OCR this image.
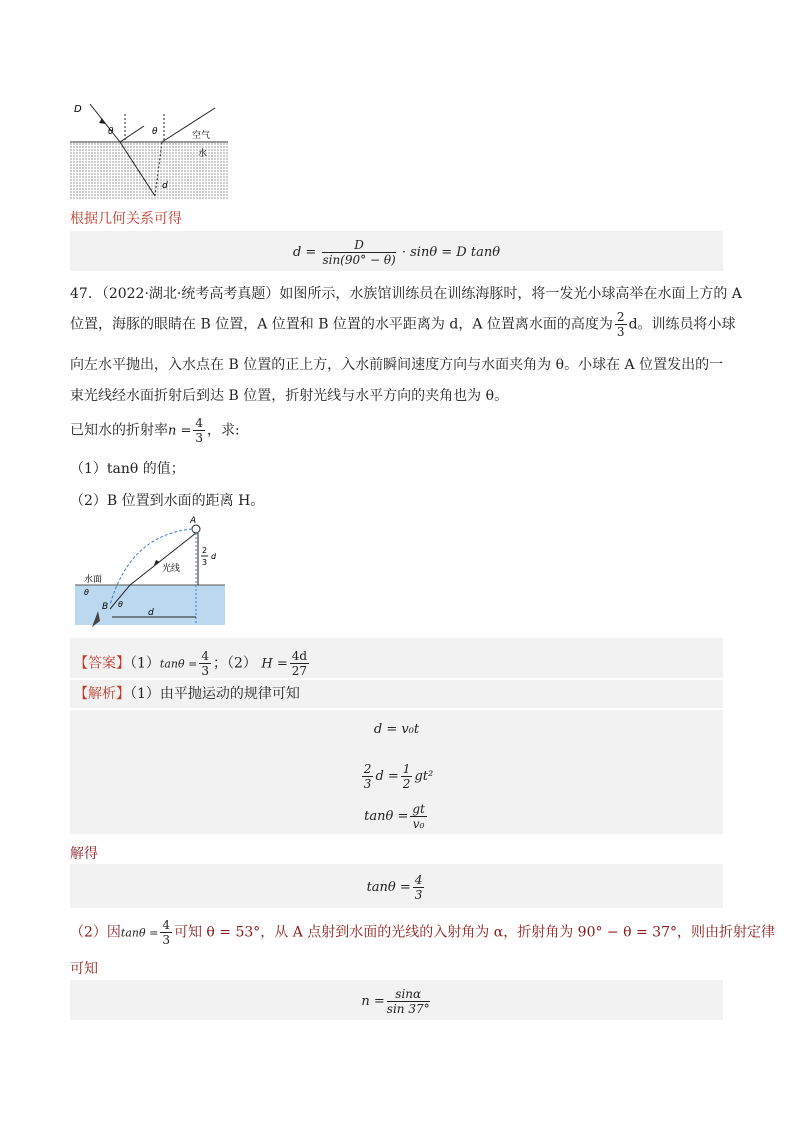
D
θ	θ	空气
水
d
根据几何关系可得
$d = \frac{D}{\sin(90^\circ - \theta)} \cdot \sin\theta = D$ tanθ
47．（2022·湖北·统考高考真题）如图所示，水族馆训练员在训练海豚时，将一发光小球高举在水面上方的 A
位置，海豚的眼睛在 B 位置，A 位置和 B 位置的水平距离为 d，A 位置离水面的高度为 $\frac{2}{3}$ d。训练员将小球
向左水平抛出，入水点在 B 位置的正上方，入水前瞬间速度方向与水面夹角为 θ。小球在 A 位置发出的一
束光线经水面折射后到达 B 位置，折射光线与水平方向的夹角也为 θ。
已知水的折射率$n = \frac{4}{3}$ ，求:
（1）tanθ 的值；
（2）B 位置到水面的距离 H。
A
2
3
d
光线
水面
θ
θ
B
d
【答案】$(1)\tan\theta = \frac{4}{3}$ ；（2） $H = \frac{4d}{27}$
【解析】（1）由平抛运动的规律可知
d = v₀t
$\frac{2}{3}$ $d = \frac{1}{2} gt^2$
$\tan\theta = \frac{gt}{\text{v₀}}$
解得
$\tan\theta = \frac{4}{3}$
（2）因$\tan\theta = \frac{4}{3}$ 可知 θ = 53°，从 A 点射到水面的光线的入射角为 α，折射角为 90° − θ = 37°，则由折射定律
可知
$n = \frac{\sin\alpha}{\sin 37^\circ}$
